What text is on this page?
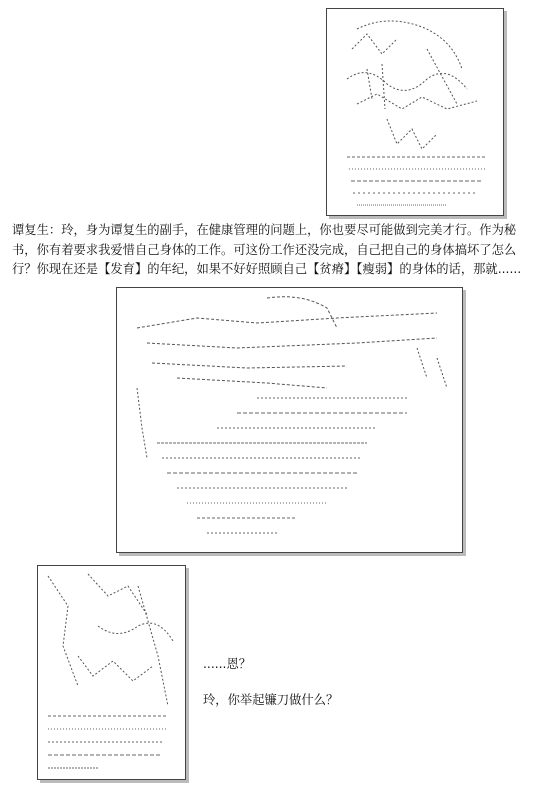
谭复生：玲，身为谭复生的副手，在健康管理的问题上，你也要尽可能做到完美才行。作为秘书，你有着要求我爱惜自己身体的工作。可这份工作还没完成，自己把自己的身体搞坏了怎么行？你现在还是【发育】的年纪，如果不好好照顾自己【贫瘠】【瘦弱】的身体的话，那就......

......恩？

玲，你举起镰刀做什么？
